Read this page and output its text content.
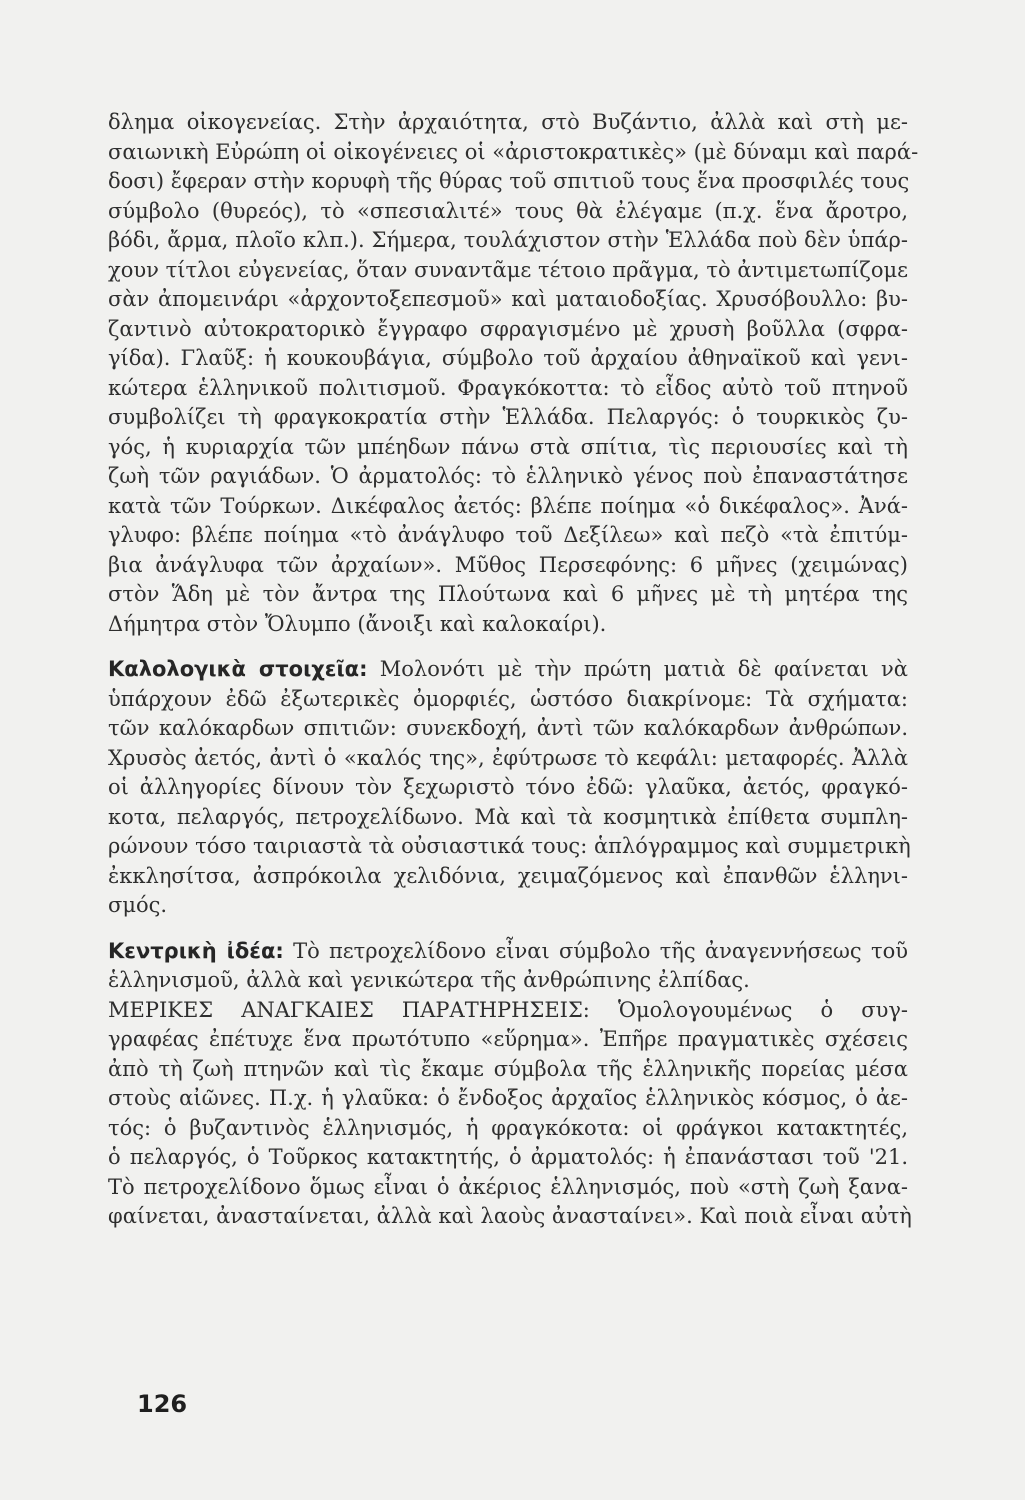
δλημα οἰκογενείας. Στὴν ἀρχαιότητα, στὸ Βυζάντιο, ἀλλὰ καὶ στὴ με-
σαιωνικὴ Εὐρώπη οἱ οἰκογένειες οἱ «ἀριστοκρατικὲς» (μὲ δύναμι καὶ παρά-
δοσι) ἔφεραν στὴν κορυφὴ τῆς θύρας τοῦ σπιτιοῦ τους ἕνα προσφιλές τους
σύμβολο (θυρεός), τὸ «σπεσιαλιτέ» τους θὰ ἐλέγαμε (π.χ. ἕνα ἄροτρο,
βόδι, ἄρμα, πλοῖο κλπ.). Σήμερα, τουλάχιστον στὴν Ἑλλάδα ποὺ δὲν ὑπάρ-
χουν τίτλοι εὐγενείας, ὅταν συναντᾶμε τέτοιο πρᾶγμα, τὸ ἀντιμετωπίζομε
σὰν ἀπομεινάρι «ἀρχοντοξεπεσμοῦ» καὶ ματαιοδοξίας. Χρυσόβουλλο: βυ-
ζαντινὸ αὐτοκρατορικὸ ἔγγραφο σφραγισμένο μὲ χρυσὴ βοῦλλα (σφρα-
γίδα). Γλαῦξ: ἡ κουκουβάγια, σύμβολο τοῦ ἀρχαίου ἀθηναϊκοῦ καὶ γενι-
κώτερα ἑλληνικοῦ πολιτισμοῦ. Φραγκόκοττα: τὸ εἶδος αὐτὸ τοῦ πτηνοῦ
συμβολίζει τὴ φραγκοκρατία στὴν Ἑλλάδα. Πελαργός: ὁ τουρκικὸς ζυ-
γός, ἡ κυριαρχία τῶν μπέηδων πάνω στὰ σπίτια, τὶς περιουσίες καὶ τὴ
ζωὴ τῶν ραγιάδων. Ὁ ἀρματολός: τὸ ἑλληνικὸ γένος ποὺ ἐπαναστάτησε
κατὰ τῶν Τούρκων. Δικέφαλος ἀετός: βλέπε ποίημα «ὁ δικέφαλος». Ἀνά-
γλυφο: βλέπε ποίημα «τὸ ἀνάγλυφο τοῦ Δεξίλεω» καὶ πεζὸ «τὰ ἐπιτύμ-
βια ἀνάγλυφα τῶν ἀρχαίων». Μῦθος Περσεφόνης: 6 μῆνες (χειμώνας)
στὸν Ἅδη μὲ τὸν ἄντρα της Πλούτωνα καὶ 6 μῆνες μὲ τὴ μητέρα της
Δήμητρα στὸν Ὄλυμπο (ἄνοιξι καὶ καλοκαίρι).
Καλολογικὰ στοιχεῖα: Μολονότι μὲ τὴν πρώτη ματιὰ δὲ φαίνεται νὰ
ὑπάρχουν ἐδῶ ἐξωτερικὲς ὀμορφιές, ὡστόσο διακρίνομε: Τὰ σχήματα:
τῶν καλόκαρδων σπιτιῶν: συνεκδοχή, ἀντὶ τῶν καλόκαρδων ἀνθρώπων.
Χρυσὸς ἀετός, ἀντὶ ὁ «καλός της», ἐφύτρωσε τὸ κεφάλι: μεταφορές. Ἀλλὰ
οἱ ἀλληγορίες δίνουν τὸν ξεχωριστὸ τόνο ἐδῶ: γλαῦκα, ἀετός, φραγκό-
κοτα, πελαργός, πετροχελίδωνο. Μὰ καὶ τὰ κοσμητικὰ ἐπίθετα συμπλη-
ρώνουν τόσο ταιριαστὰ τὰ οὐσιαστικά τους: ἁπλόγραμμος καὶ συμμετρικὴ
ἐκκλησίτσα, ἀσπρόκοιλα χελιδόνια, χειμαζόμενος καὶ ἐπανθῶν ἑλληνι-
σμός.
Κεντρικὴ ἰδέα: Τὸ πετροχελίδονο εἶναι σύμβολο τῆς ἀναγεννήσεως τοῦ
ἑλληνισμοῦ, ἀλλὰ καὶ γενικώτερα τῆς ἀνθρώπινης ἐλπίδας.
ΜΕΡΙΚΕΣ ΑΝΑΓΚΑΙΕΣ ΠΑΡΑΤΗΡΗΣΕΙΣ: Ὁμολογουμένως ὁ συγ-
γραφέας ἐπέτυχε ἕνα πρωτότυπο «εὕρημα». Ἐπῆρε πραγματικὲς σχέσεις
ἀπὸ τὴ ζωὴ πτηνῶν καὶ τὶς ἔκαμε σύμβολα τῆς ἑλληνικῆς πορείας μέσα
στοὺς αἰῶνες. Π.χ. ἡ γλαῦκα: ὁ ἔνδοξος ἀρχαῖος ἑλληνικὸς κόσμος, ὁ ἀε-
τός: ὁ βυζαντινὸς ἑλληνισμός, ἡ φραγκόκοτα: οἱ φράγκοι κατακτητές,
ὁ πελαργός, ὁ Τοῦρκος κατακτητής, ὁ ἀρματολός: ἡ ἐπανάστασι τοῦ '21.
Τὸ πετροχελίδονο ὅμως εἶναι ὁ ἀκέριος ἑλληνισμός, ποὺ «στὴ ζωὴ ξανα-
φαίνεται, ἀνασταίνεται, ἀλλὰ καὶ λαοὺς ἀνασταίνει». Καὶ ποιὰ εἶναι αὐτὴ
126
